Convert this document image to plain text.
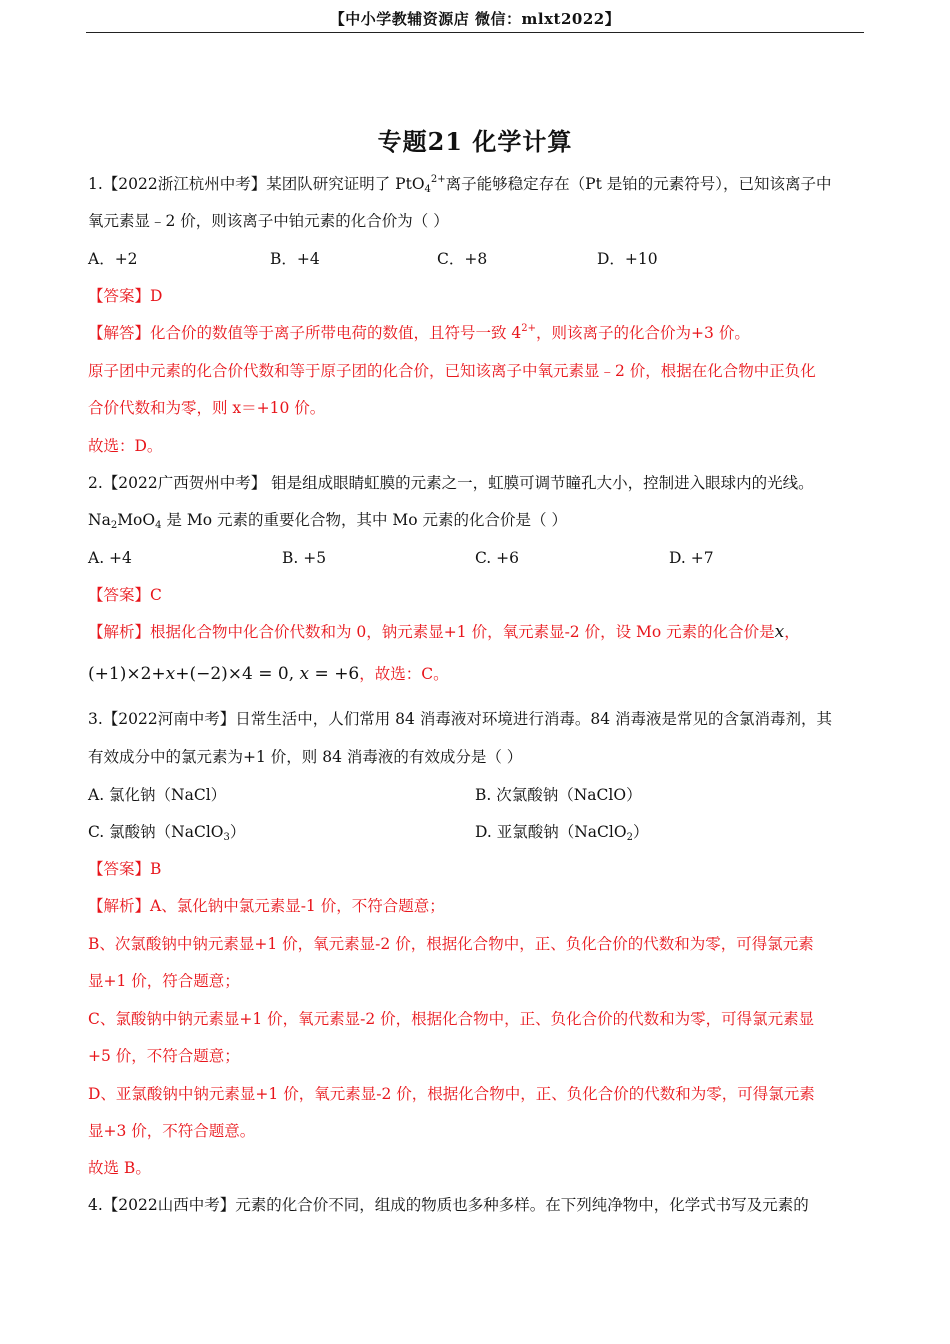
【中小学教辅资源店 微信：mlxt2022】
专题21 化学计算
1.【2022浙江杭州中考】某团队研究证明了 PtO$_4^{2+}$离子能够稳定存在（Pt 是铂的元素符号），已知该离子中
氧元素显﹣2 价，则该离子中铂元素的化合价为（ ）
A．+2	B．+4	C．+8	D．+10
【答案】D
【解答】化合价的数值等于离子所带电荷的数值，且符号一致 $4^{2+}$，则该离子的化合价为+3 价。
原子团中元素的化合价代数和等于原子团的化合价，已知该离子中氧元素显﹣2 价，根据在化合物中正负化
合价代数和为零，则 x＝+10 价。
故选：D。
2.【2022广西贺州中考】 钼是组成眼睛虹膜的元素之一，虹膜可调节瞳孔大小，控制进入眼球内的光线。
$Na_2MoO_4$ 是 Mo 元素的重要化合物，其中 Mo 元素的化合价是（ ）
A. +4	B. +5	C. +6	D. +7
【答案】C
【解析】根据化合物中化合价代数和为 0，钠元素显+1 价，氧元素显-2 价，设 Mo 元素的化合价是x，
(+1)×2+x+(−2)×4 = 0, x = +6，故选：C。
3.【2022河南中考】日常生活中，人们常用 84 消毒液对环境进行消毒。84 消毒液是常见的含氯消毒剂，其
有效成分中的氯元素为+1 价，则 84 消毒液的有效成分是（ ）
A. 氯化钠（NaCl）	B. 次氯酸钠（NaClO）
C. 氯酸钠（NaClO$_3$）	D. 亚氯酸钠（NaClO$_2$）
【答案】B
【解析】A、氯化钠中氯元素显-1 价，不符合题意；
B、次氯酸钠中钠元素显+1 价，氧元素显-2 价，根据化合物中，正、负化合价的代数和为零，可得氯元素
显+1 价，符合题意；
C、氯酸钠中钠元素显+1 价，氧元素显-2 价，根据化合物中，正、负化合价的代数和为零，可得氯元素显
+5 价，不符合题意；
D、亚氯酸钠中钠元素显+1 价，氧元素显-2 价，根据化合物中，正、负化合价的代数和为零，可得氯元素
显+3 价，不符合题意。
故选 B。
4.【2022山西中考】元素的化合价不同，组成的物质也多种多样。在下列纯净物中，化学式书写及元素的
